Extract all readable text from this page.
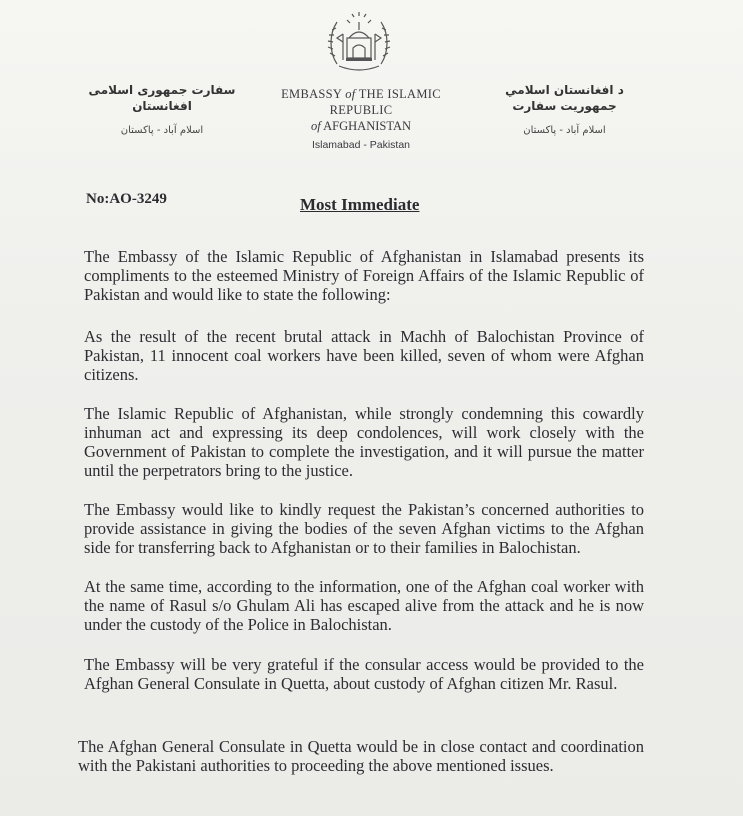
سفارت جمهوری اسلامی افغانستان
اسلام آباد - پاکستان
EMBASSY of THE ISLAMIC REPUBLIC
of AFGHANISTAN
Islamabad - Pakistan
د افغانستان اسلامي جمهوريت سفارت
اسلام آباد - پاکستان
No:AO-3249	Most Immediate

The Embassy of the Islamic Republic of Afghanistan in Islamabad presents its compliments to the esteemed Ministry of Foreign Affairs of the Islamic Republic of Pakistan and would like to state the following:

As the result of the recent brutal attack in Machh of Balochistan Province of Pakistan, 11 innocent coal workers have been killed, seven of whom were Afghan citizens.

The Islamic Republic of Afghanistan, while strongly condemning this cowardly inhuman act and expressing its deep condolences, will work closely with the Government of Pakistan to complete the investigation, and it will pursue the matter until the perpetrators bring to the justice.

The Embassy would like to kindly request the Pakistan’s concerned authorities to provide assistance in giving the bodies of the seven Afghan victims to the Afghan side for transferring back to Afghanistan or to their families in Balochistan.

At the same time, according to the information, one of the Afghan coal worker with the name of Rasul s/o Ghulam Ali has escaped alive from the attack and he is now under the custody of the Police in Balochistan.

The Embassy will be very grateful if the consular access would be provided to the Afghan General Consulate in Quetta, about custody of Afghan citizen Mr. Rasul.

The Afghan General Consulate in Quetta would be in close contact and coordination with the Pakistani authorities to proceeding the above mentioned issues.
